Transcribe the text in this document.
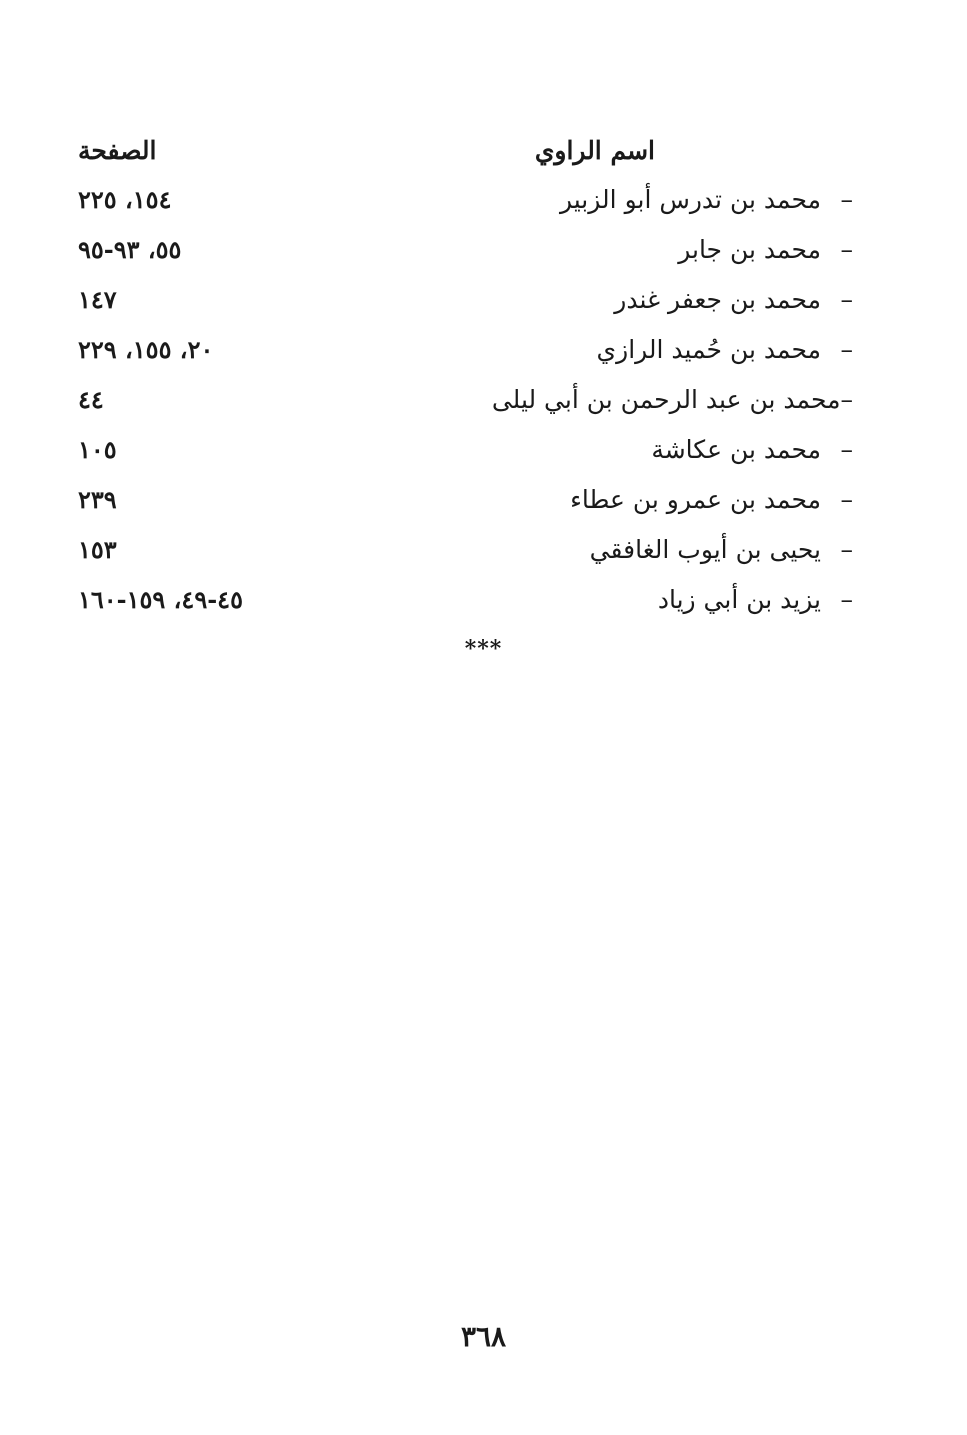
اسم الراوي
الصفحة
–
محمد بن تدرس أبو الزبير
١٥٤، ٢٢٥
–
محمد بن جابر
٥٥، ٩٣-٩٥
–
محمد بن جعفر غندر
١٤٧
–
محمد بن حُميد الرازي
٢٠، ١٥٥، ٢٢٩
–
محمد بن عبد الرحمن بن أبي ليلى
٤٤
–
محمد بن عكاشة
١٠٥
–
محمد بن عمرو بن عطاء
٢٣٩
–
يحيى بن أيوب الغافقي
١٥٣
–
يزيد بن أبي زياد
٤٥-٤٩، ١٥٩-١٦٠
***
٣٦٨
